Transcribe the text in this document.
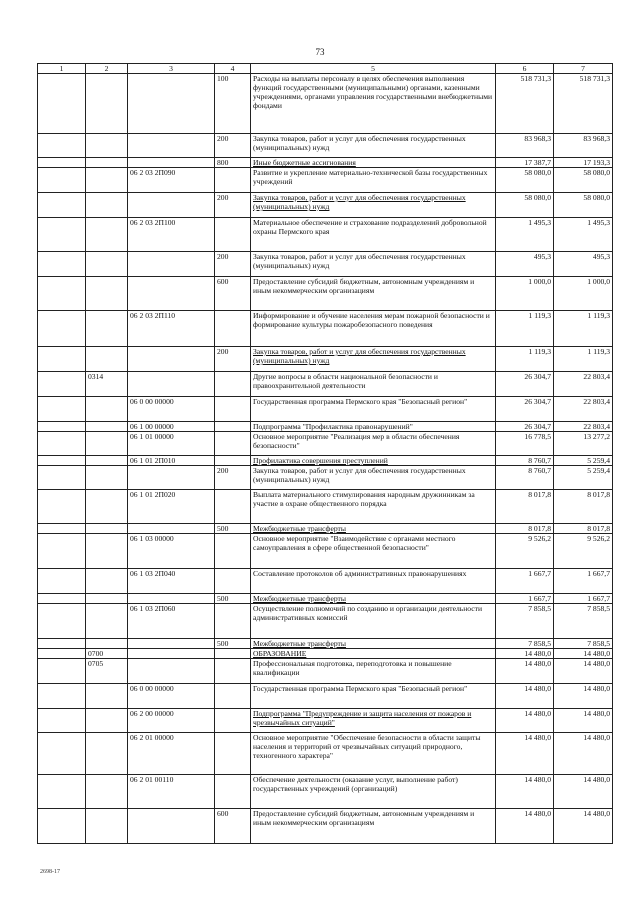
73
1	2	3	4	5	6	7
			100	Расходы на выплаты персоналу в целях обеспечения выполнения функций государственными (муниципальными) органами, казенными учреждениями, органами управления государственными внебюджетными фондами	518 731,3	518 731,3
			200	Закупка товаров, работ и услуг для обеспечения государственных (муниципальных) нужд	83 968,3	83 968,3
			800	Иные бюджетные ассигнования	17 387,7	17 193,3
		06 2 03 2П090		Развитие и укрепление материально-технической базы государственных учреждений	58 080,0	58 080,0
			200	Закупка товаров, работ и услуг для обеспечения государственных (муниципальных) нужд	58 080,0	58 080,0
		06 2 03 2П100		Материальное обеспечение и страхование подразделений добровольной охраны Пермского края	1 495,3	1 495,3
			200	Закупка товаров, работ и услуг для обеспечения государственных (муниципальных) нужд	495,3	495,3
			600	Предоставление субсидий бюджетным, автономным учреждениям и иным некоммерческим организациям	1 000,0	1 000,0
		06 2 03 2П110		Информирование и обучение населения мерам пожарной безопасности и формирование культуры пожаробезопасного поведения	1 119,3	1 119,3
			200	Закупка товаров, работ и услуг для обеспечения государственных (муниципальных) нужд	1 119,3	1 119,3
	0314			Другие вопросы в области национальной безопасности и правоохранительной деятельности	26 304,7	22 803,4
		06 0 00 00000		Государственная программа Пермского края "Безопасный регион"	26 304,7	22 803,4
		06 1 00 00000		Подпрограмма "Профилактика правонарушений"	26 304,7	22 803,4
		06 1 01 00000		Основное мероприятие "Реализация мер в области обеспечения безопасности"	16 778,5	13 277,2
		06 1 01 2П010		Профилактика совершения преступлений	8 760,7	5 259,4
			200	Закупка товаров, работ и услуг для обеспечения государственных (муниципальных) нужд	8 760,7	5 259,4
		06 1 01 2П020		Выплата материального стимулирования народным дружинникам за участие в охране общественного порядка	8 017,8	8 017,8
			500	Межбюджетные трансферты	8 017,8	8 017,8
		06 1 03 00000		Основное мероприятие "Взаимодействие с органами местного самоуправления в сфере общественной безопасности"	9 526,2	9 526,2
		06 1 03 2П040		Составление протоколов об административных правонарушениях	1 667,7	1 667,7
			500	Межбюджетные трансферты	1 667,7	1 667,7
		06 1 03 2П060		Осуществление полномочий по созданию и организации деятельности административных комиссий	7 858,5	7 858,5
			500	Межбюджетные трансферты	7 858,5	7 858,5
	0700			ОБРАЗОВАНИЕ	14 480,0	14 480,0
	0705			Профессиональная подготовка, переподготовка и повышение квалификации	14 480,0	14 480,0
		06 0 00 00000		Государственная программа Пермского края "Безопасный регион"	14 480,0	14 480,0
		06 2 00 00000		Подпрограмма "Предупреждение и защита населения от пожаров и чрезвычайных ситуаций"	14 480,0	14 480,0
		06 2 01 00000		Основное мероприятие "Обеспечение безопасности в области защиты населения и территорий от чрезвычайных ситуаций природного, техногенного характера"	14 480,0	14 480,0
		06 2 01 00110		Обеспечение деятельности (оказание услуг, выполнение работ) государственных учреждений (организаций)	14 480,0	14 480,0
			600	Предоставление субсидий бюджетным, автономным учреждениям и иным некоммерческим организациям	14 480,0	14 480,0
2698-17
